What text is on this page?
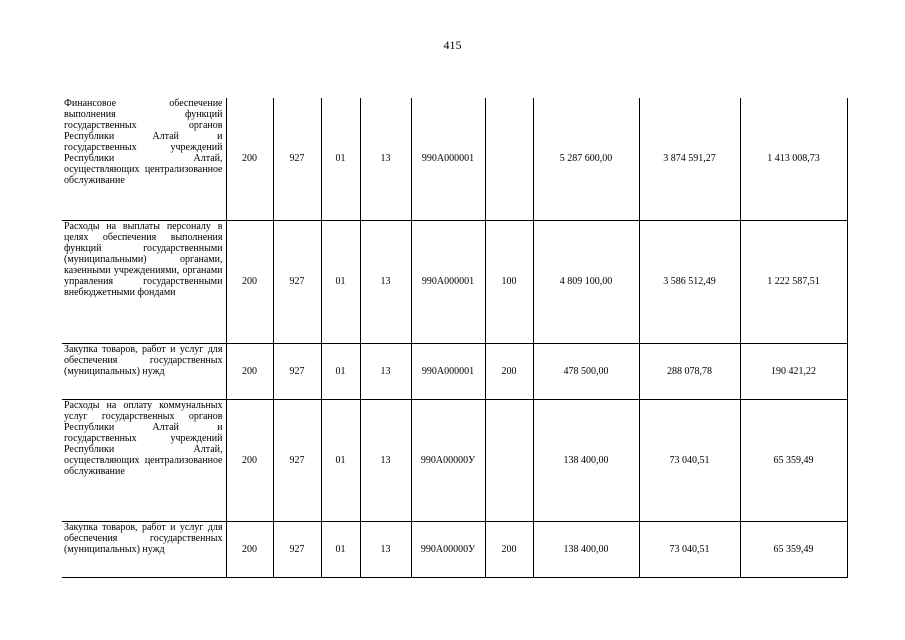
415
Финансовое обеспечение выполнения функций государственных органов Республики Алтай и государственных учреждений Республики Алтай, осуществляющих централизованное обслуживание	200	927	01	13	990А000001		5 287 600,00	3 874 591,27	1 413 008,73
Расходы на выплаты персоналу в целях обеспечения выполнения функций государственными (муниципальными) органами, казенными учреждениями, органами управления государственными внебюджетными фондами	200	927	01	13	990А000001	100	4 809 100,00	3 586 512,49	1 222 587,51
Закупка товаров, работ и услуг для обеспечения государственных (муниципальных) нужд	200	927	01	13	990А000001	200	478 500,00	288 078,78	190 421,22
Расходы на оплату коммунальных услуг государственных органов Республики Алтай и государственных учреждений Республики Алтай, осуществляющих централизованное обслуживание	200	927	01	13	990А00000У		138 400,00	73 040,51	65 359,49
Закупка товаров, работ и услуг для обеспечения государственных (муниципальных) нужд	200	927	01	13	990А00000У	200	138 400,00	73 040,51	65 359,49
